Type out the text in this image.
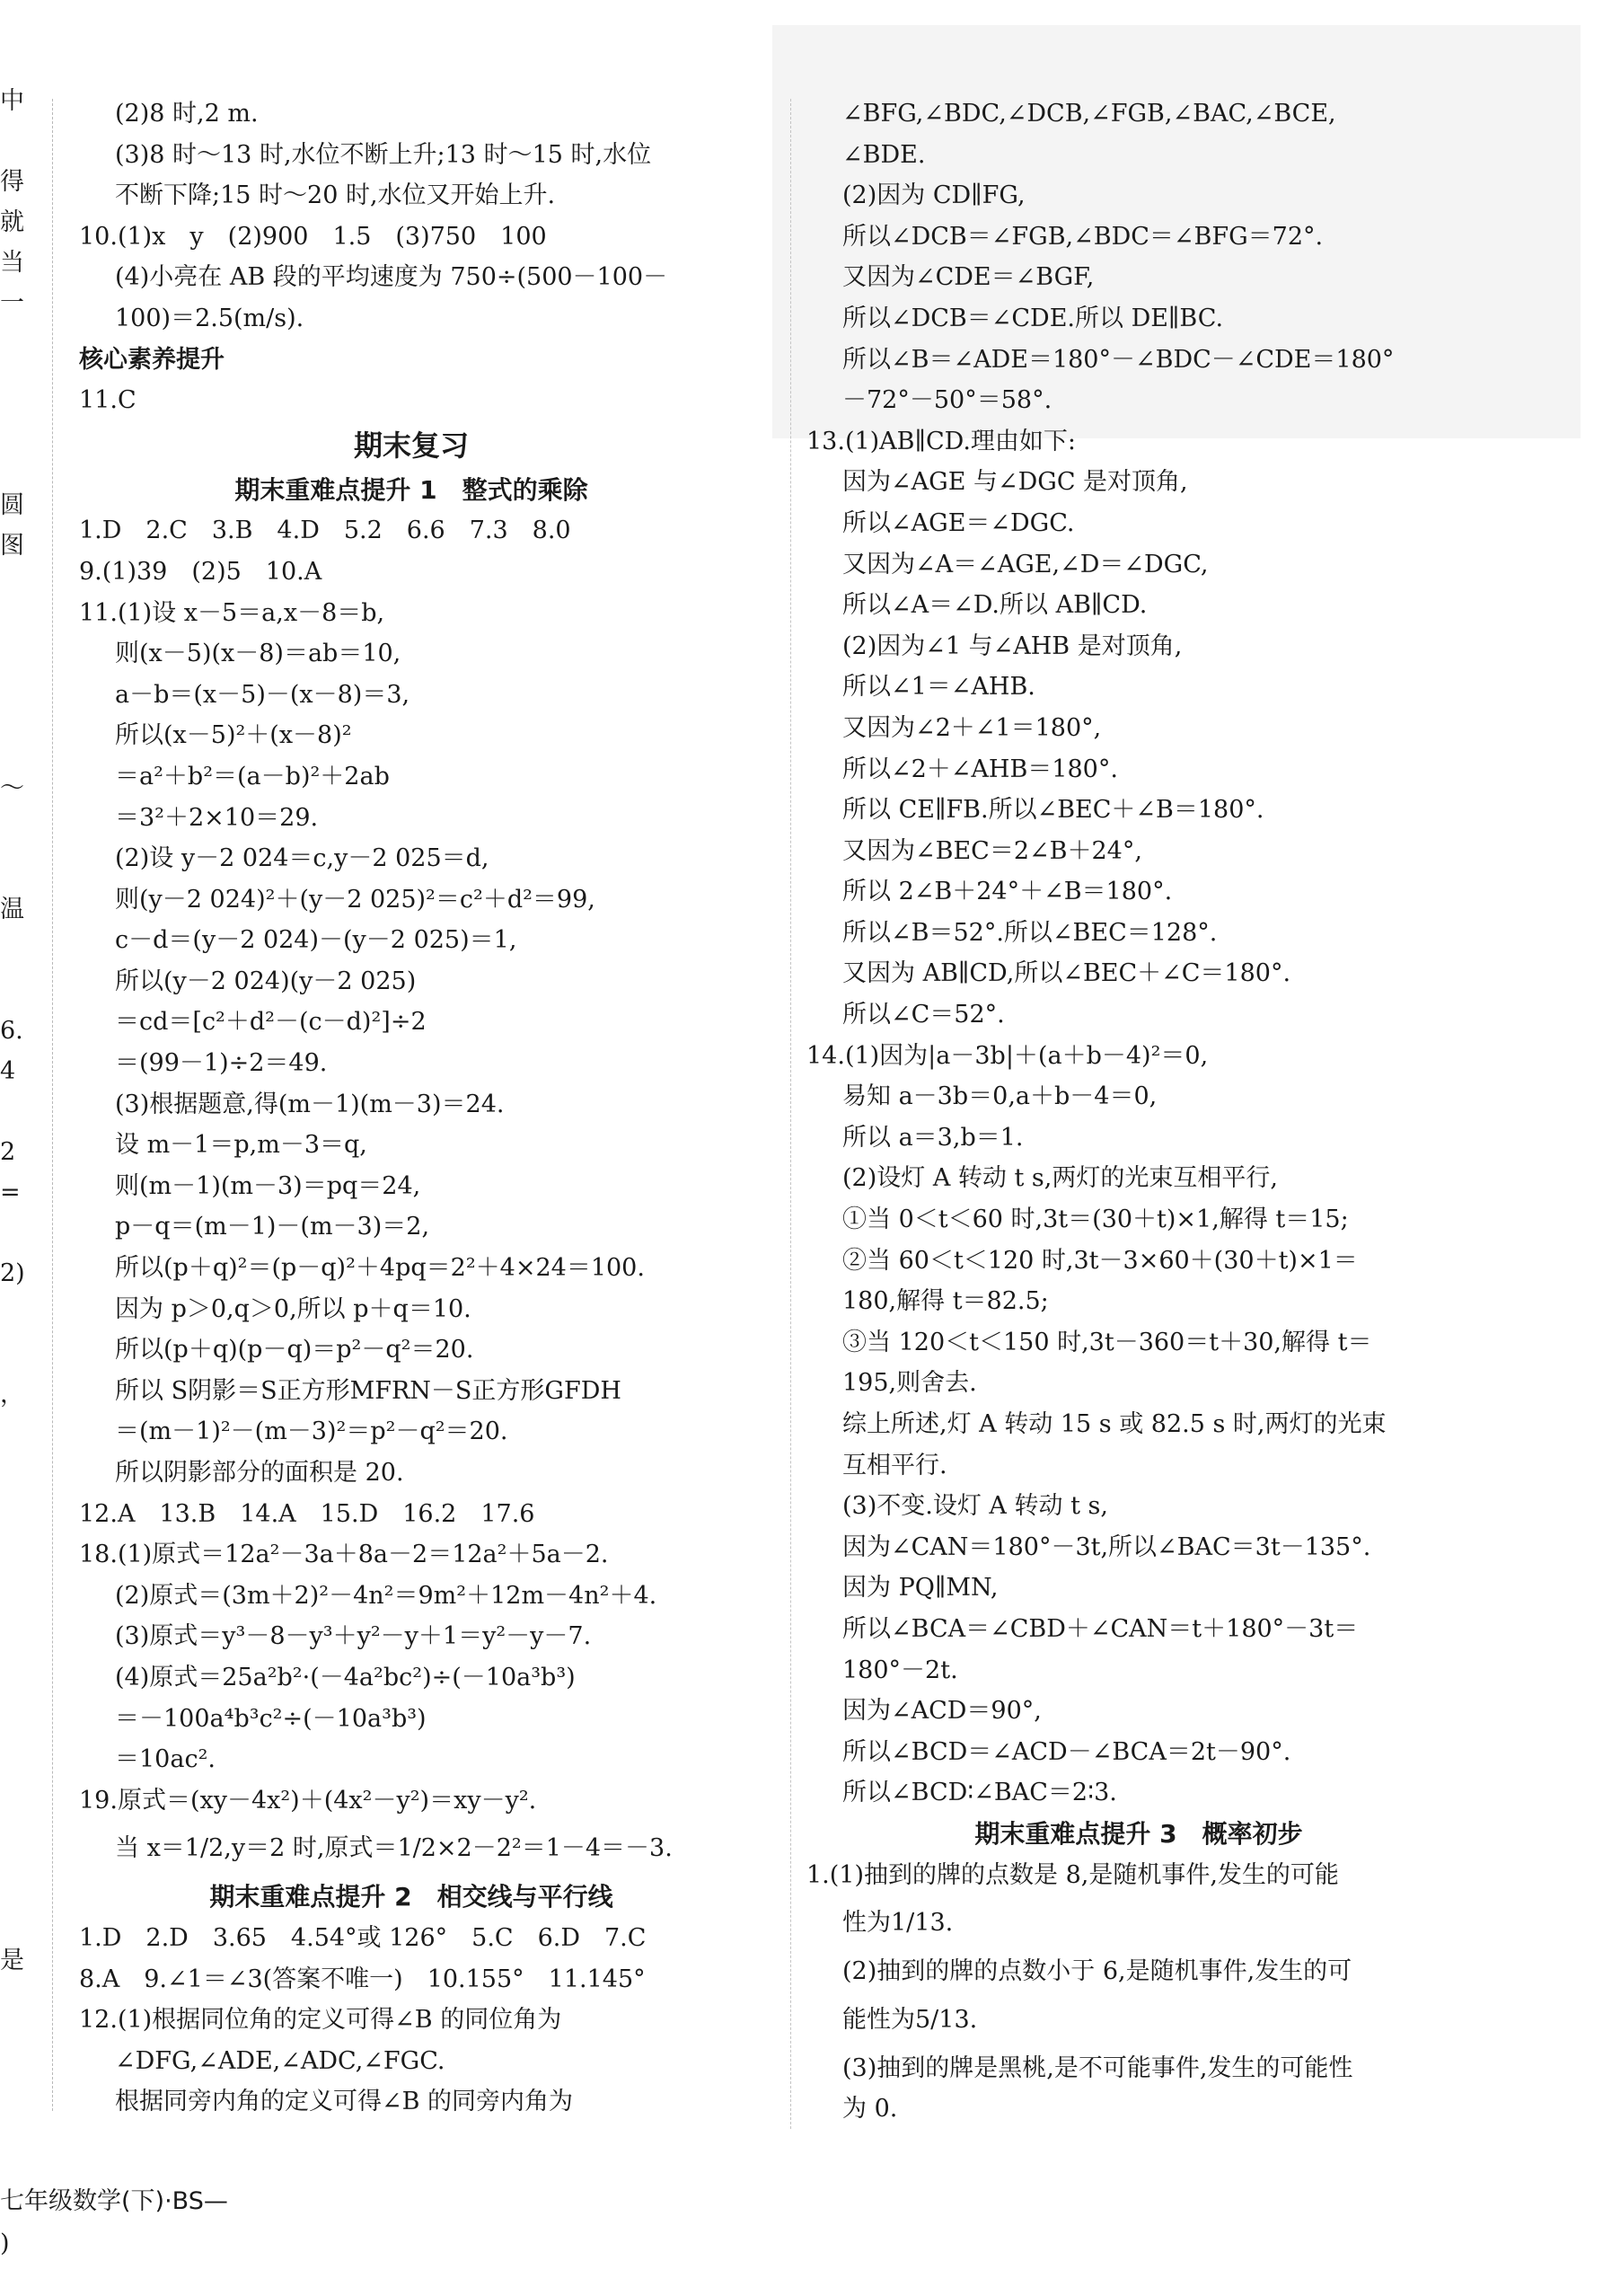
中
得
就
当
一
圆
图
～
温
6.
4
2
=
2)
，
是
)
(2)8 时,2 m.
(3)8 时～13 时,水位不断上升;13 时～15 时,水位
不断下降;15 时～20 时,水位又开始上升.
10.(1)x　y　(2)900　1.5　(3)750　100
(4)小亮在 AB 段的平均速度为 750÷(500－100－
100)＝2.5(m/s).
核心素养提升
11.C
期末复习
期末重难点提升 1　整式的乘除
1.D　2.C　3.B　4.D　5.2　6.6　7.3　8.0
9.(1)39　(2)5　10.A
11.(1)设 x－5＝a,x－8＝b,
则(x－5)(x－8)＝ab＝10,
a－b＝(x－5)－(x－8)＝3,
所以(x－5)²＋(x－8)²
＝a²＋b²＝(a－b)²＋2ab
＝3²＋2×10＝29.
(2)设 y－2 024＝c,y－2 025＝d,
则(y－2 024)²＋(y－2 025)²＝c²＋d²＝99,
c－d＝(y－2 024)－(y－2 025)＝1,
所以(y－2 024)(y－2 025)
＝cd＝[c²＋d²－(c－d)²]÷2
＝(99－1)÷2＝49.
(3)根据题意,得(m－1)(m－3)＝24.
设 m－1＝p,m－3＝q,
则(m－1)(m－3)＝pq＝24,
p－q＝(m－1)－(m－3)＝2,
所以(p＋q)²＝(p－q)²＋4pq＝2²＋4×24＝100.
因为 p＞0,q＞0,所以 p＋q＝10.
所以(p＋q)(p－q)＝p²－q²＝20.
所以 S阴影＝S正方形MFRN－S正方形GFDH
＝(m－1)²－(m－3)²＝p²－q²＝20.
所以阴影部分的面积是 20.
12.A　13.B　14.A　15.D　16.2　17.6
18.(1)原式＝12a²－3a＋8a－2＝12a²＋5a－2.
(2)原式＝(3m＋2)²－4n²＝9m²＋12m－4n²＋4.
(3)原式＝y³－8－y³＋y²－y＋1＝y²－y－7.
(4)原式＝25a²b²·(－4a²bc²)÷(－10a³b³)
＝－100a⁴b³c²÷(－10a³b³)
＝10ac².
19.原式＝(xy－4x²)＋(4x²－y²)＝xy－y².
当 x＝1/2,y＝2 时,原式＝1/2×2－2²＝1－4＝－3.
期末重难点提升 2　相交线与平行线
1.D　2.D　3.65　4.54°或 126°　5.C　6.D　7.C
8.A　9.∠1＝∠3(答案不唯一)　10.155°　11.145°
12.(1)根据同位角的定义可得∠B 的同位角为
∠DFG,∠ADE,∠ADC,∠FGC.
根据同旁内角的定义可得∠B 的同旁内角为
∠BFG,∠BDC,∠DCB,∠FGB,∠BAC,∠BCE,
∠BDE.
(2)因为 CD∥FG,
所以∠DCB＝∠FGB,∠BDC＝∠BFG＝72°.
又因为∠CDE＝∠BGF,
所以∠DCB＝∠CDE.所以 DE∥BC.
所以∠B＝∠ADE＝180°－∠BDC－∠CDE＝180°
－72°－50°＝58°.
13.(1)AB∥CD.理由如下:
因为∠AGE 与∠DGC 是对顶角,
所以∠AGE＝∠DGC.
又因为∠A＝∠AGE,∠D＝∠DGC,
所以∠A＝∠D.所以 AB∥CD.
(2)因为∠1 与∠AHB 是对顶角,
所以∠1＝∠AHB.
又因为∠2＋∠1＝180°,
所以∠2＋∠AHB＝180°.
所以 CE∥FB.所以∠BEC＋∠B＝180°.
又因为∠BEC＝2∠B＋24°,
所以 2∠B＋24°＋∠B＝180°.
所以∠B＝52°.所以∠BEC＝128°.
又因为 AB∥CD,所以∠BEC＋∠C＝180°.
所以∠C＝52°.
14.(1)因为|a－3b|＋(a＋b－4)²＝0,
易知 a－3b＝0,a＋b－4＝0,
所以 a＝3,b＝1.
(2)设灯 A 转动 t s,两灯的光束互相平行,
①当 0＜t＜60 时,3t＝(30＋t)×1,解得 t＝15;
②当 60＜t＜120 时,3t－3×60＋(30＋t)×1＝
180,解得 t＝82.5;
③当 120＜t＜150 时,3t－360＝t＋30,解得 t＝
195,则舍去.
综上所述,灯 A 转动 15 s 或 82.5 s 时,两灯的光束
互相平行.
(3)不变.设灯 A 转动 t s,
因为∠CAN＝180°－3t,所以∠BAC＝3t－135°.
因为 PQ∥MN,
所以∠BCA＝∠CBD＋∠CAN＝t＋180°－3t＝
180°－2t.
因为∠ACD＝90°,
所以∠BCD＝∠ACD－∠BCA＝2t－90°.
所以∠BCD∶∠BAC＝2∶3.
期末重难点提升 3　概率初步
1.(1)抽到的牌的点数是 8,是随机事件,发生的可能
性为1/13.
(2)抽到的牌的点数小于 6,是随机事件,发生的可
能性为5/13.
(3)抽到的牌是黑桃,是不可能事件,发生的可能性
为 0.
七年级数学(下)·BS—
